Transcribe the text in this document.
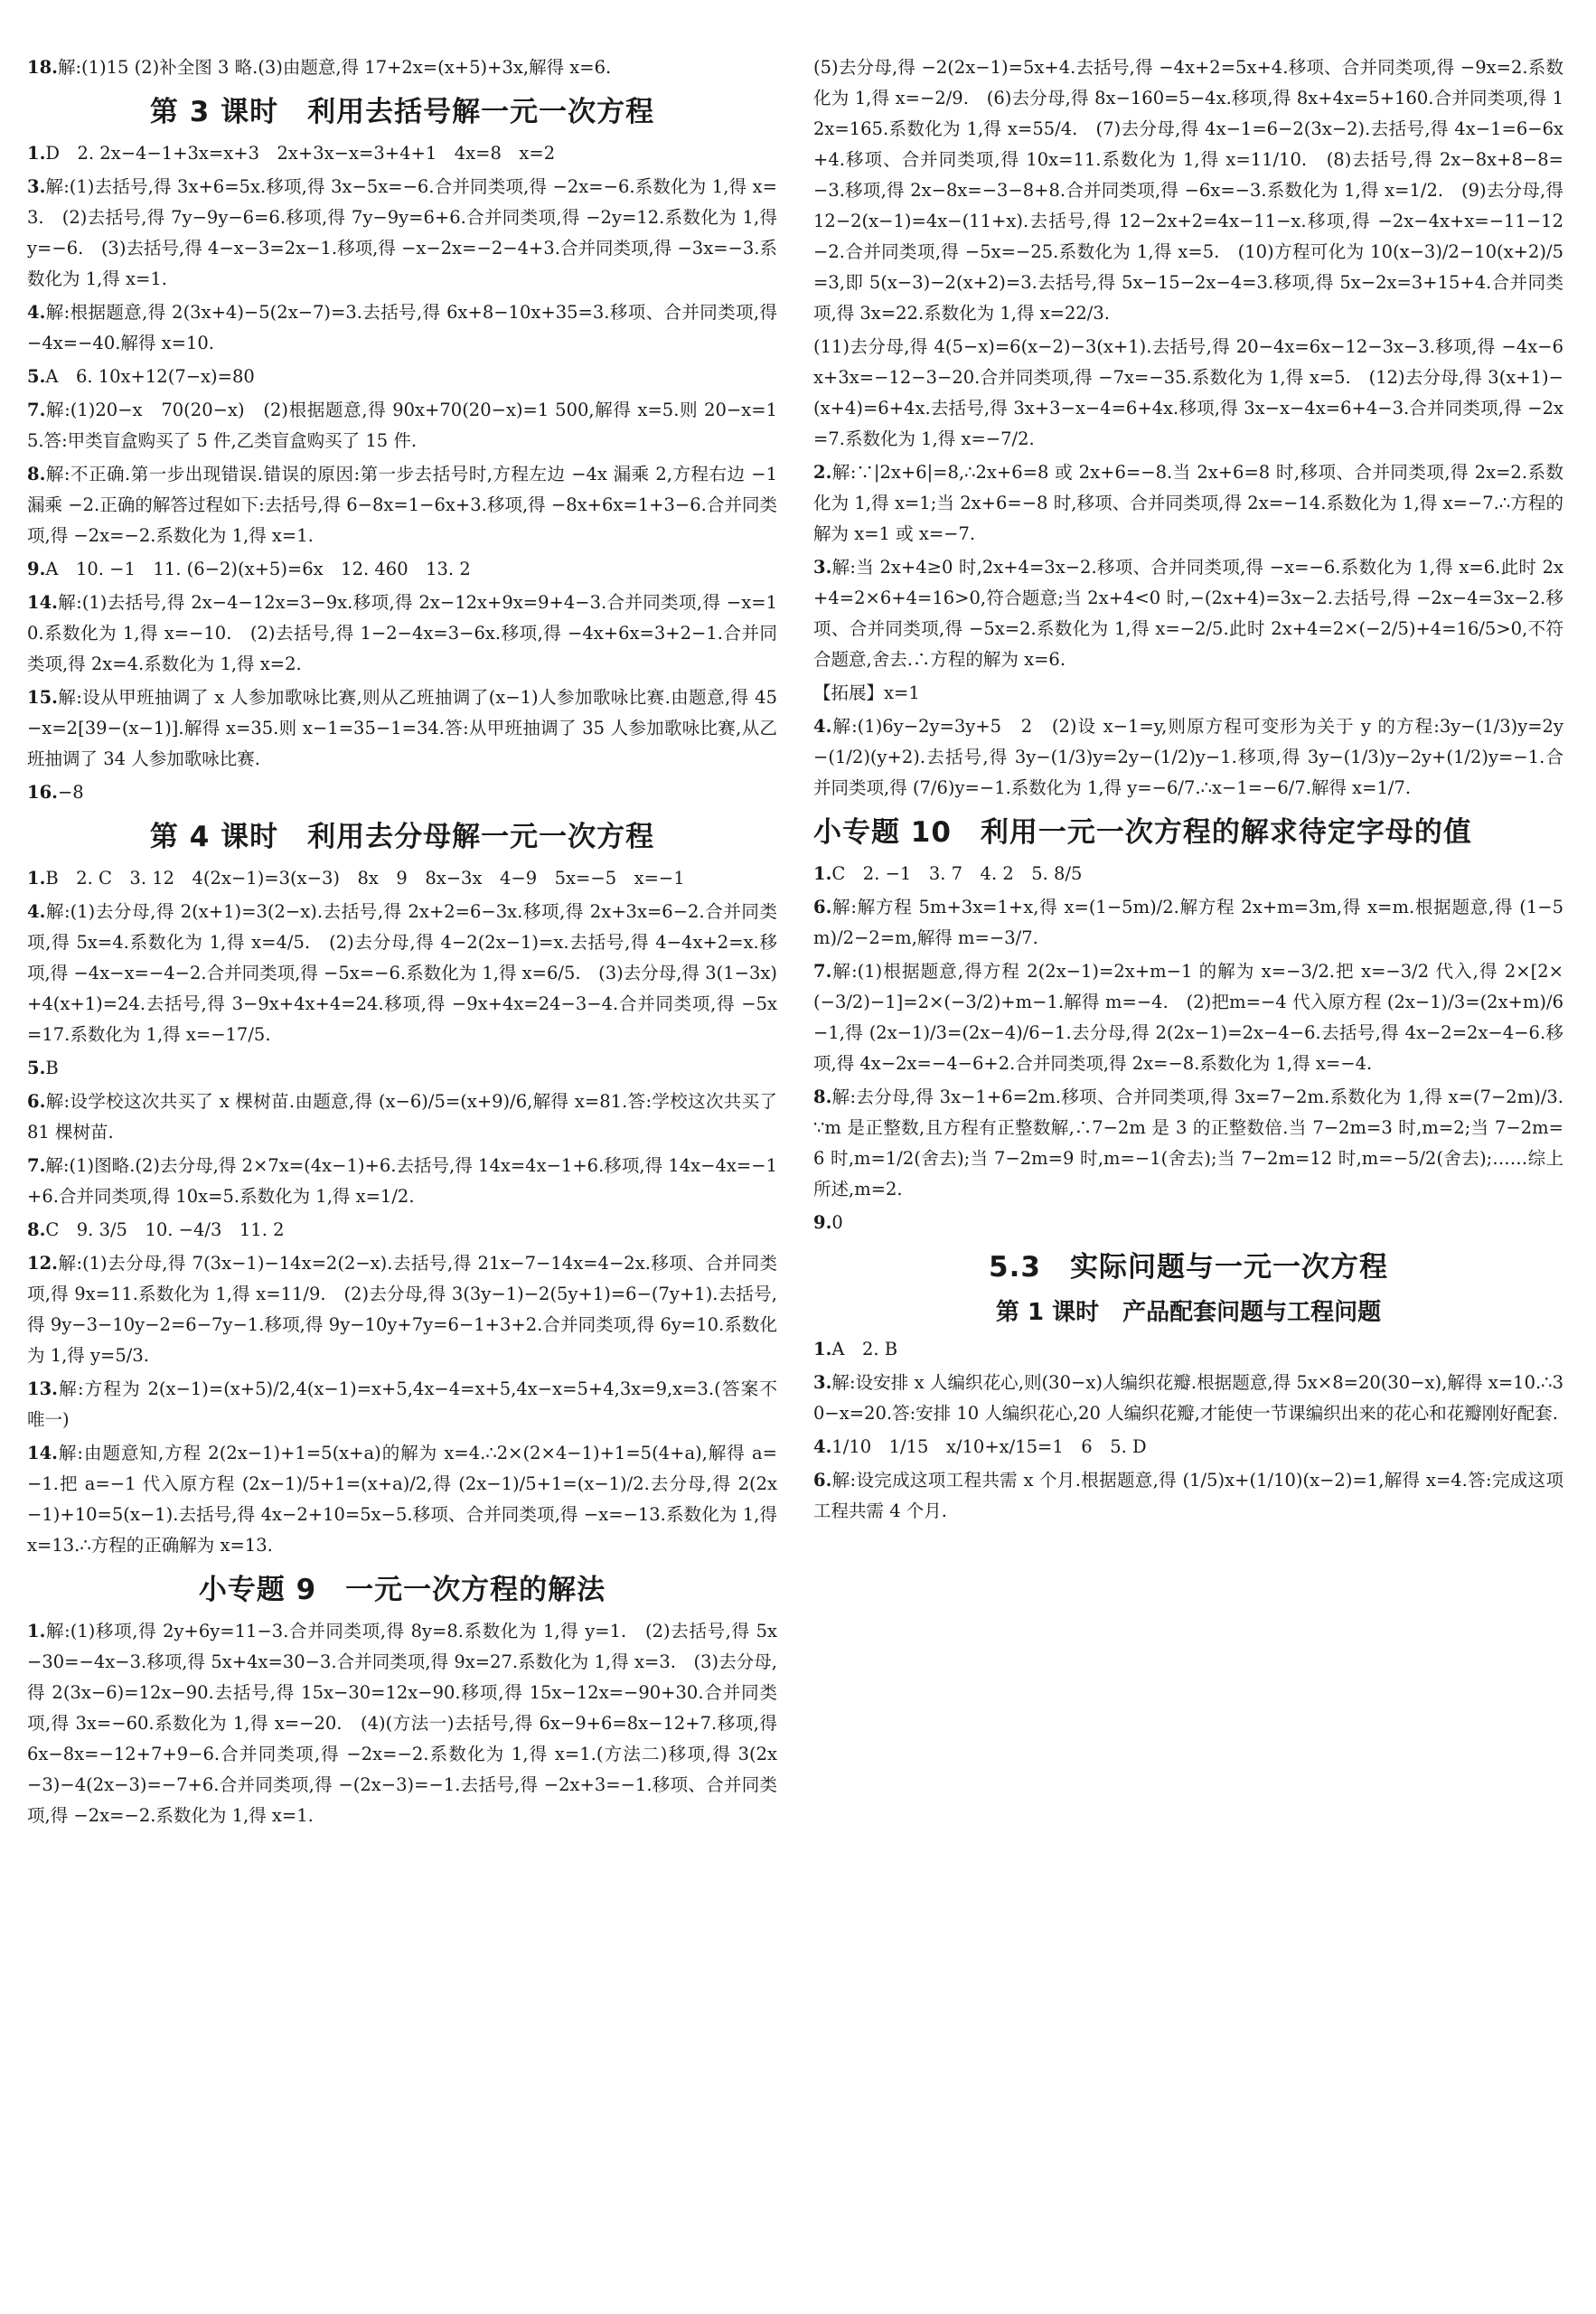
18.解:(1)15 (2)补全图 3 略.(3)由题意,得 17+2x=(x+5)+3x,解得 x=6.
第 3 课时　利用去括号解一元一次方程
1.D　2. 2x−4−1+3x=x+3　2x+3x−x=3+4+1　4x=8　x=2
3.解:(1)去括号,得 3x+6=5x.移项,得 3x−5x=−6.合并同类项,得 −2x=−6.系数化为 1,得 x=3.　(2)去括号,得 7y−9y−6=6.移项,得 7y−9y=6+6.合并同类项,得 −2y=12.系数化为 1,得 y=−6.　(3)去括号,得 4−x−3=2x−1.移项,得 −x−2x=−2−4+3.合并同类项,得 −3x=−3.系数化为 1,得 x=1.
4.解:根据题意,得 2(3x+4)−5(2x−7)=3.去括号,得 6x+8−10x+35=3.移项、合并同类项,得 −4x=−40.解得 x=10.
5.A　6. 10x+12(7−x)=80
7.解:(1)20−x　70(20−x)　(2)根据题意,得 90x+70(20−x)=1 500,解得 x=5.则 20−x=15.答:甲类盲盒购买了 5 件,乙类盲盒购买了 15 件.
8.解:不正确.第一步出现错误.错误的原因:第一步去括号时,方程左边 −4x 漏乘 2,方程右边 −1 漏乘 −2.正确的解答过程如下:去括号,得 6−8x=1−6x+3.移项,得 −8x+6x=1+3−6.合并同类项,得 −2x=−2.系数化为 1,得 x=1.
9.A　10. −1　11. (6−2)(x+5)=6x　12. 460　13. 2
14.解:(1)去括号,得 2x−4−12x=3−9x.移项,得 2x−12x+9x=9+4−3.合并同类项,得 −x=10.系数化为 1,得 x=−10.　(2)去括号,得 1−2−4x=3−6x.移项,得 −4x+6x=3+2−1.合并同类项,得 2x=4.系数化为 1,得 x=2.
15.解:设从甲班抽调了 x 人参加歌咏比赛,则从乙班抽调了(x−1)人参加歌咏比赛.由题意,得 45−x=2[39−(x−1)].解得 x=35.则 x−1=35−1=34.答:从甲班抽调了 35 人参加歌咏比赛,从乙班抽调了 34 人参加歌咏比赛.
16.−8
第 4 课时　利用去分母解一元一次方程
1.B　2. C　3. 12　4(2x−1)=3(x−3)　8x　9　8x−3x　4−9　5x=−5　x=−1
4.解:(1)去分母,得 2(x+1)=3(2−x).去括号,得 2x+2=6−3x.移项,得 2x+3x=6−2.合并同类项,得 5x=4.系数化为 1,得 x=4/5.　(2)去分母,得 4−2(2x−1)=x.去括号,得 4−4x+2=x.移项,得 −4x−x=−4−2.合并同类项,得 −5x=−6.系数化为 1,得 x=6/5.　(3)去分母,得 3(1−3x)+4(x+1)=24.去括号,得 3−9x+4x+4=24.移项,得 −9x+4x=24−3−4.合并同类项,得 −5x=17.系数化为 1,得 x=−17/5.
5.B
6.解:设学校这次共买了 x 棵树苗.由题意,得 (x−6)/5=(x+9)/6,解得 x=81.答:学校这次共买了 81 棵树苗.
7.解:(1)图略.(2)去分母,得 2×7x=(4x−1)+6.去括号,得 14x=4x−1+6.移项,得 14x−4x=−1+6.合并同类项,得 10x=5.系数化为 1,得 x=1/2.
8.C　9. 3/5　10. −4/3　11. 2
12.解:(1)去分母,得 7(3x−1)−14x=2(2−x).去括号,得 21x−7−14x=4−2x.移项、合并同类项,得 9x=11.系数化为 1,得 x=11/9.　(2)去分母,得 3(3y−1)−2(5y+1)=6−(7y+1).去括号,得 9y−3−10y−2=6−7y−1.移项,得 9y−10y+7y=6−1+3+2.合并同类项,得 6y=10.系数化为 1,得 y=5/3.
13.解:方程为 2(x−1)=(x+5)/2,4(x−1)=x+5,4x−4=x+5,4x−x=5+4,3x=9,x=3.(答案不唯一)
14.解:由题意知,方程 2(2x−1)+1=5(x+a)的解为 x=4.∴2×(2×4−1)+1=5(4+a),解得 a=−1.把 a=−1 代入原方程 (2x−1)/5+1=(x+a)/2,得 (2x−1)/5+1=(x−1)/2.去分母,得 2(2x−1)+10=5(x−1).去括号,得 4x−2+10=5x−5.移项、合并同类项,得 −x=−13.系数化为 1,得 x=13.∴方程的正确解为 x=13.
小专题 9　一元一次方程的解法
1.解:(1)移项,得 2y+6y=11−3.合并同类项,得 8y=8.系数化为 1,得 y=1.　(2)去括号,得 5x−30=−4x−3.移项,得 5x+4x=30−3.合并同类项,得 9x=27.系数化为 1,得 x=3.　(3)去分母,得 2(3x−6)=12x−90.去括号,得 15x−30=12x−90.移项,得 15x−12x=−90+30.合并同类项,得 3x=−60.系数化为 1,得 x=−20.　(4)(方法一)去括号,得 6x−9+6=8x−12+7.移项,得 6x−8x=−12+7+9−6.合并同类项,得 −2x=−2.系数化为 1,得 x=1.(方法二)移项,得 3(2x−3)−4(2x−3)=−7+6.合并同类项,得 −(2x−3)=−1.去括号,得 −2x+3=−1.移项、合并同类项,得 −2x=−2.系数化为 1,得 x=1.
(5)去分母,得 −2(2x−1)=5x+4.去括号,得 −4x+2=5x+4.移项、合并同类项,得 −9x=2.系数化为 1,得 x=−2/9.　(6)去分母,得 8x−160=5−4x.移项,得 8x+4x=5+160.合并同类项,得 12x=165.系数化为 1,得 x=55/4.　(7)去分母,得 4x−1=6−2(3x−2).去括号,得 4x−1=6−6x+4.移项、合并同类项,得 10x=11.系数化为 1,得 x=11/10.　(8)去括号,得 2x−8x+8−8=−3.移项,得 2x−8x=−3−8+8.合并同类项,得 −6x=−3.系数化为 1,得 x=1/2.　(9)去分母,得 12−2(x−1)=4x−(11+x).去括号,得 12−2x+2=4x−11−x.移项,得 −2x−4x+x=−11−12−2.合并同类项,得 −5x=−25.系数化为 1,得 x=5.　(10)方程可化为 10(x−3)/2−10(x+2)/5=3,即 5(x−3)−2(x+2)=3.去括号,得 5x−15−2x−4=3.移项,得 5x−2x=3+15+4.合并同类项,得 3x=22.系数化为 1,得 x=22/3.
(11)去分母,得 4(5−x)=6(x−2)−3(x+1).去括号,得 20−4x=6x−12−3x−3.移项,得 −4x−6x+3x=−12−3−20.合并同类项,得 −7x=−35.系数化为 1,得 x=5.　(12)去分母,得 3(x+1)−(x+4)=6+4x.去括号,得 3x+3−x−4=6+4x.移项,得 3x−x−4x=6+4−3.合并同类项,得 −2x=7.系数化为 1,得 x=−7/2.
2.解:∵|2x+6|=8,∴2x+6=8 或 2x+6=−8.当 2x+6=8 时,移项、合并同类项,得 2x=2.系数化为 1,得 x=1;当 2x+6=−8 时,移项、合并同类项,得 2x=−14.系数化为 1,得 x=−7.∴方程的解为 x=1 或 x=−7.
3.解:当 2x+4≥0 时,2x+4=3x−2.移项、合并同类项,得 −x=−6.系数化为 1,得 x=6.此时 2x+4=2×6+4=16>0,符合题意;当 2x+4<0 时,−(2x+4)=3x−2.去括号,得 −2x−4=3x−2.移项、合并同类项,得 −5x=2.系数化为 1,得 x=−2/5.此时 2x+4=2×(−2/5)+4=16/5>0,不符合题意,舍去.∴方程的解为 x=6.
【拓展】x=1
4.解:(1)6y−2y=3y+5　2　(2)设 x−1=y,则原方程可变形为关于 y 的方程:3y−(1/3)y=2y−(1/2)(y+2).去括号,得 3y−(1/3)y=2y−(1/2)y−1.移项,得 3y−(1/3)y−2y+(1/2)y=−1.合并同类项,得 (7/6)y=−1.系数化为 1,得 y=−6/7.∴x−1=−6/7.解得 x=1/7.
小专题 10　利用一元一次方程的解求待定字母的值
1.C　2. −1　3. 7　4. 2　5. 8/5
6.解:解方程 5m+3x=1+x,得 x=(1−5m)/2.解方程 2x+m=3m,得 x=m.根据题意,得 (1−5m)/2−2=m,解得 m=−3/7.
7.解:(1)根据题意,得方程 2(2x−1)=2x+m−1 的解为 x=−3/2.把 x=−3/2 代入,得 2×[2×(−3/2)−1]=2×(−3/2)+m−1.解得 m=−4.　(2)把m=−4 代入原方程 (2x−1)/3=(2x+m)/6−1,得 (2x−1)/3=(2x−4)/6−1.去分母,得 2(2x−1)=2x−4−6.去括号,得 4x−2=2x−4−6.移项,得 4x−2x=−4−6+2.合并同类项,得 2x=−8.系数化为 1,得 x=−4.
8.解:去分母,得 3x−1+6=2m.移项、合并同类项,得 3x=7−2m.系数化为 1,得 x=(7−2m)/3.∵m 是正整数,且方程有正整数解,∴7−2m 是 3 的正整数倍.当 7−2m=3 时,m=2;当 7−2m=6 时,m=1/2(舍去);当 7−2m=9 时,m=−1(舍去);当 7−2m=12 时,m=−5/2(舍去);……综上所述,m=2.
9.0
5.3　实际问题与一元一次方程
第 1 课时　产品配套问题与工程问题
1.A　2. B
3.解:设安排 x 人编织花心,则(30−x)人编织花瓣.根据题意,得 5x×8=20(30−x),解得 x=10.∴30−x=20.答:安排 10 人编织花心,20 人编织花瓣,才能使一节课编织出来的花心和花瓣刚好配套.
4.1/10　1/15　x/10+x/15=1　6　5. D
6.解:设完成这项工程共需 x 个月.根据题意,得 (1/5)x+(1/10)(x−2)=1,解得 x=4.答:完成这项工程共需 4 个月.
